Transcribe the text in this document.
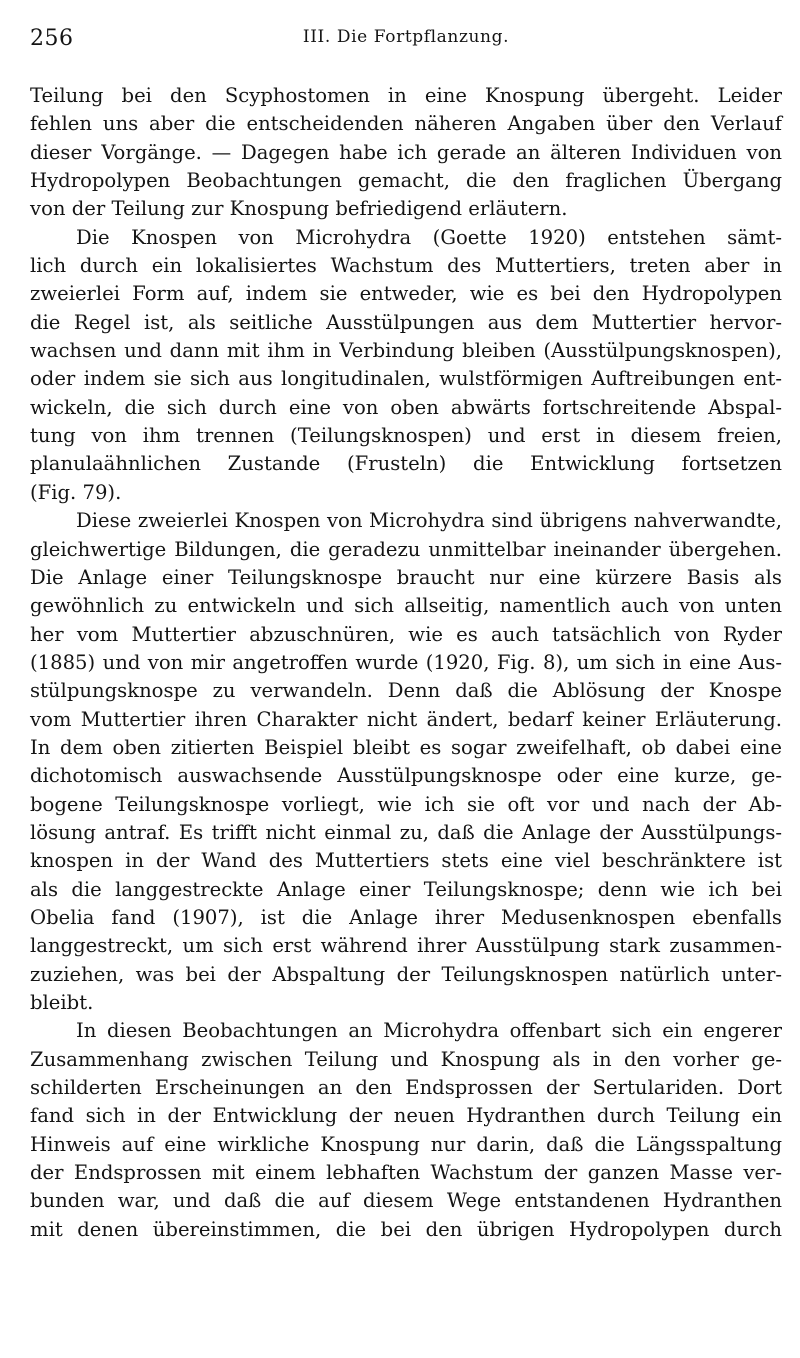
256	III. Die Fortpflanzung.

Teilung bei den Scyphostomen in eine Knospung übergeht. Leider

fehlen uns aber die entscheidenden näheren Angaben über den Verlauf

dieser Vorgänge. — Dagegen habe ich gerade an älteren Individuen von

Hydropolypen Beobachtungen gemacht, die den fraglichen Übergang

von der Teilung zur Knospung befriedigend erläutern.

Die Knospen von Microhydra (Goette 1920) entstehen sämt-

lich durch ein lokalisiertes Wachstum des Muttertiers, treten aber in

zweierlei Form auf, indem sie entweder, wie es bei den Hydropolypen

die Regel ist, als seitliche Ausstülpungen aus dem Muttertier hervor-

wachsen und dann mit ihm in Verbindung bleiben (Ausstülpungsknospen),

oder indem sie sich aus longitudinalen, wulstförmigen Auftreibungen ent-

wickeln, die sich durch eine von oben abwärts fortschreitende Abspal-

tung von ihm trennen (Teilungsknospen) und erst in diesem freien,

planulaähnlichen Zustande (Frusteln) die Entwicklung fortsetzen

(Fig. 79).

Diese zweierlei Knospen von Microhydra sind übrigens nahverwandte,

gleichwertige Bildungen, die geradezu unmittelbar ineinander übergehen.

Die Anlage einer Teilungsknospe braucht nur eine kürzere Basis als

gewöhnlich zu entwickeln und sich allseitig, namentlich auch von unten

her vom Muttertier abzuschnüren, wie es auch tatsächlich von Ryder

(1885) und von mir angetroffen wurde (1920, Fig. 8), um sich in eine Aus-

stülpungsknospe zu verwandeln. Denn daß die Ablösung der Knospe

vom Muttertier ihren Charakter nicht ändert, bedarf keiner Erläuterung.

In dem oben zitierten Beispiel bleibt es sogar zweifelhaft, ob dabei eine

dichotomisch auswachsende Ausstülpungsknospe oder eine kurze, ge-

bogene Teilungsknospe vorliegt, wie ich sie oft vor und nach der Ab-

lösung antraf. Es trifft nicht einmal zu, daß die Anlage der Ausstülpungs-

knospen in der Wand des Muttertiers stets eine viel beschränktere ist

als die langgestreckte Anlage einer Teilungsknospe; denn wie ich bei

Obelia fand (1907), ist die Anlage ihrer Medusenknospen ebenfalls

langgestreckt, um sich erst während ihrer Ausstülpung stark zusammen-

zuziehen, was bei der Abspaltung der Teilungsknospen natürlich unter-

bleibt.

In diesen Beobachtungen an Microhydra offenbart sich ein engerer

Zusammenhang zwischen Teilung und Knospung als in den vorher ge-

schilderten Erscheinungen an den Endsprossen der Sertulariden. Dort

fand sich in der Entwicklung der neuen Hydranthen durch Teilung ein

Hinweis auf eine wirkliche Knospung nur darin, daß die Längsspaltung

der Endsprossen mit einem lebhaften Wachstum der ganzen Masse ver-

bunden war, und daß die auf diesem Wege entstandenen Hydranthen

mit denen übereinstimmen, die bei den übrigen Hydropolypen durch
